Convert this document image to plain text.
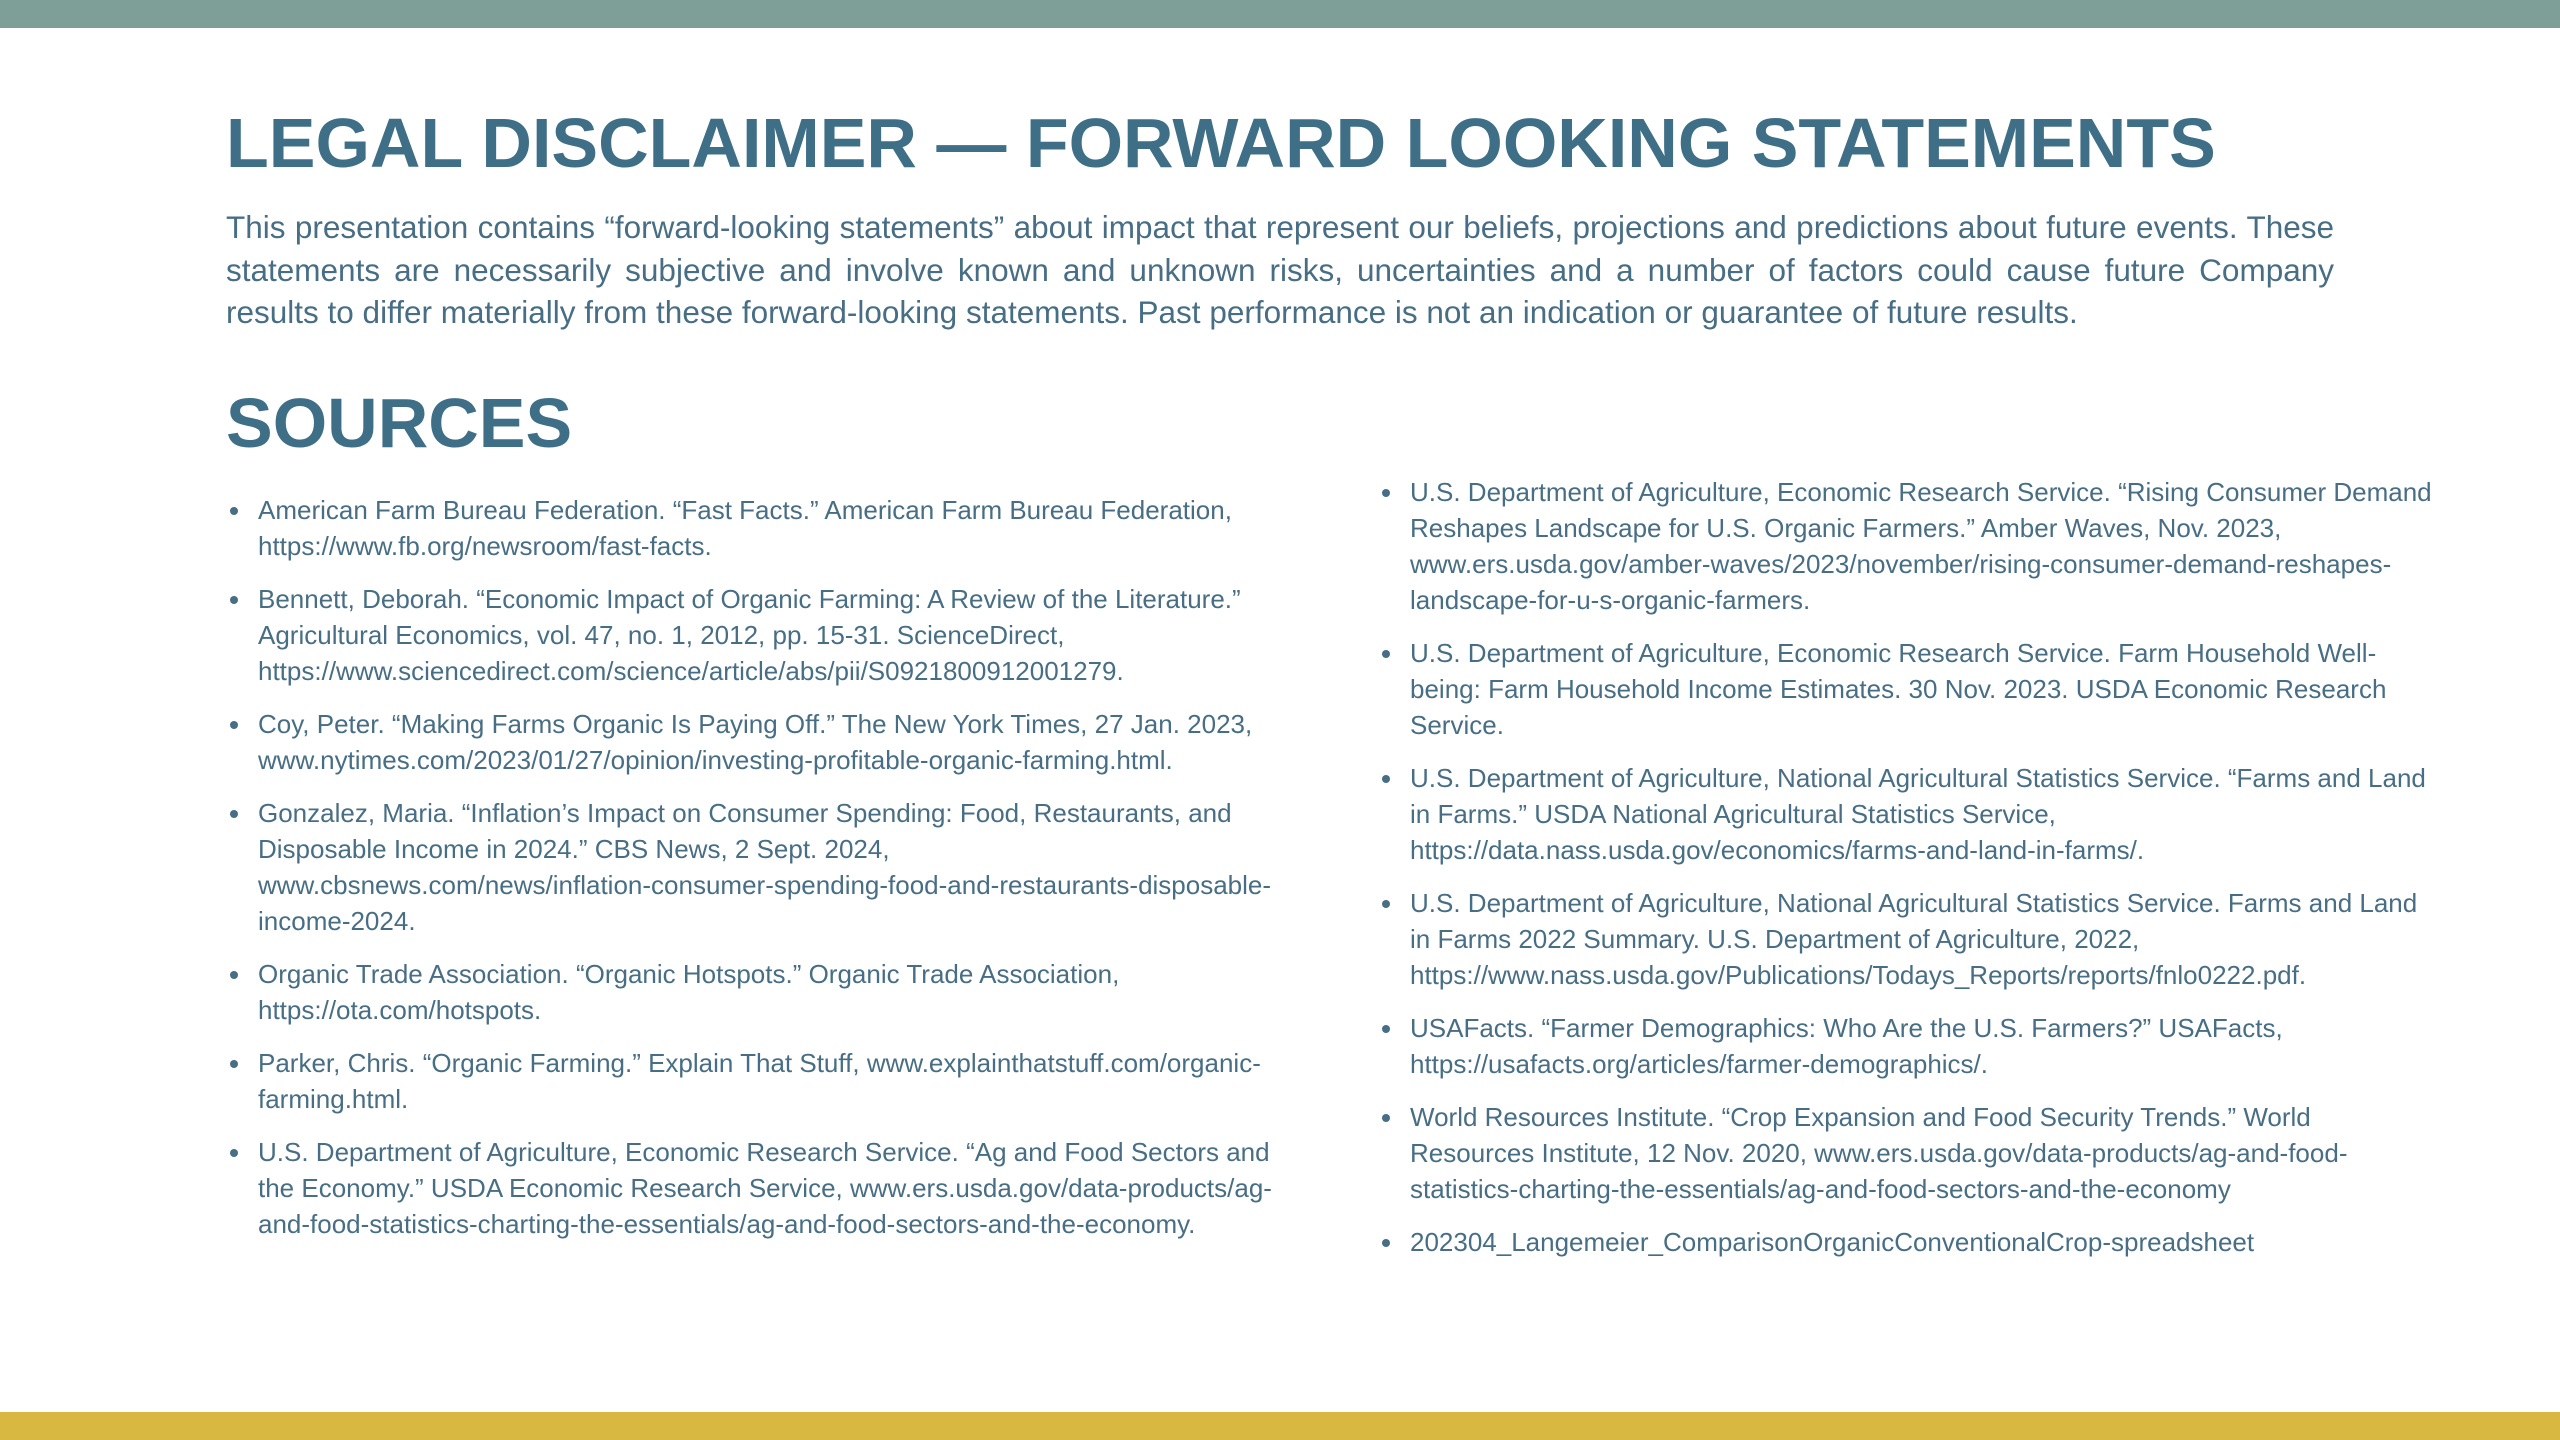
LEGAL DISCLAIMER — FORWARD LOOKING STATEMENTS

This presentation contains “forward-looking statements” about impact that represent our beliefs, projections and predictions about future events. These statements are necessarily subjective and involve known and unknown risks, uncertainties and a number of factors could cause future Company results to differ materially from these forward-looking statements. Past performance is not an indication or guarantee of future results.

SOURCES
American Farm Bureau Federation. “Fast Facts.” American Farm Bureau Federation, https://www.fb.org/newsroom/fast-facts.
Bennett, Deborah. “Economic Impact of Organic Farming: A Review of the Literature.” Agricultural Economics, vol. 47, no. 1, 2012, pp. 15-31. ScienceDirect, https://www.sciencedirect.com/science/article/abs/pii/S0921800912001279.
Coy, Peter. “Making Farms Organic Is Paying Off.” The New York Times, 27 Jan. 2023, www.nytimes.com/2023/01/27/opinion/investing-profitable-organic-farming.html.
Gonzalez, Maria. “Inflation’s Impact on Consumer Spending: Food, Restaurants, and Disposable Income in 2024.” CBS News, 2 Sept. 2024, www.cbsnews.com/news/inflation-consumer-spending-food-and-restaurants-disposable-income-2024.
Organic Trade Association. “Organic Hotspots.” Organic Trade Association, https://ota.com/hotspots.
Parker, Chris. “Organic Farming.” Explain That Stuff, www.explainthatstuff.com/organic-farming.html.
U.S. Department of Agriculture, Economic Research Service. “Ag and Food Sectors and the Economy.” USDA Economic Research Service, www.ers.usda.gov/data-products/ag-and-food-statistics-charting-the-essentials/ag-and-food-sectors-and-the-economy.
U.S. Department of Agriculture, Economic Research Service. “Rising Consumer Demand Reshapes Landscape for U.S. Organic Farmers.” Amber Waves, Nov. 2023, www.ers.usda.gov/amber-waves/2023/november/rising-consumer-demand-reshapes-landscape-for-u-s-organic-farmers.
U.S. Department of Agriculture, Economic Research Service. Farm Household Well-being: Farm Household Income Estimates. 30 Nov. 2023. USDA Economic Research Service.
U.S. Department of Agriculture, National Agricultural Statistics Service. “Farms and Land in Farms.” USDA National Agricultural Statistics Service, https://data.nass.usda.gov/economics/farms-and-land-in-farms/.
U.S. Department of Agriculture, National Agricultural Statistics Service. Farms and Land in Farms 2022 Summary. U.S. Department of Agriculture, 2022, https://www.nass.usda.gov/Publications/Todays_Reports/reports/fnlo0222.pdf.
USAFacts. “Farmer Demographics: Who Are the U.S. Farmers?” USAFacts, https://usafacts.org/articles/farmer-demographics/.
World Resources Institute. “Crop Expansion and Food Security Trends.” World Resources Institute, 12 Nov. 2020, www.ers.usda.gov/data-products/ag-and-food-statistics-charting-the-essentials/ag-and-food-sectors-and-the-economy
202304_Langemeier_ComparisonOrganicConventionalCrop-spreadsheet
